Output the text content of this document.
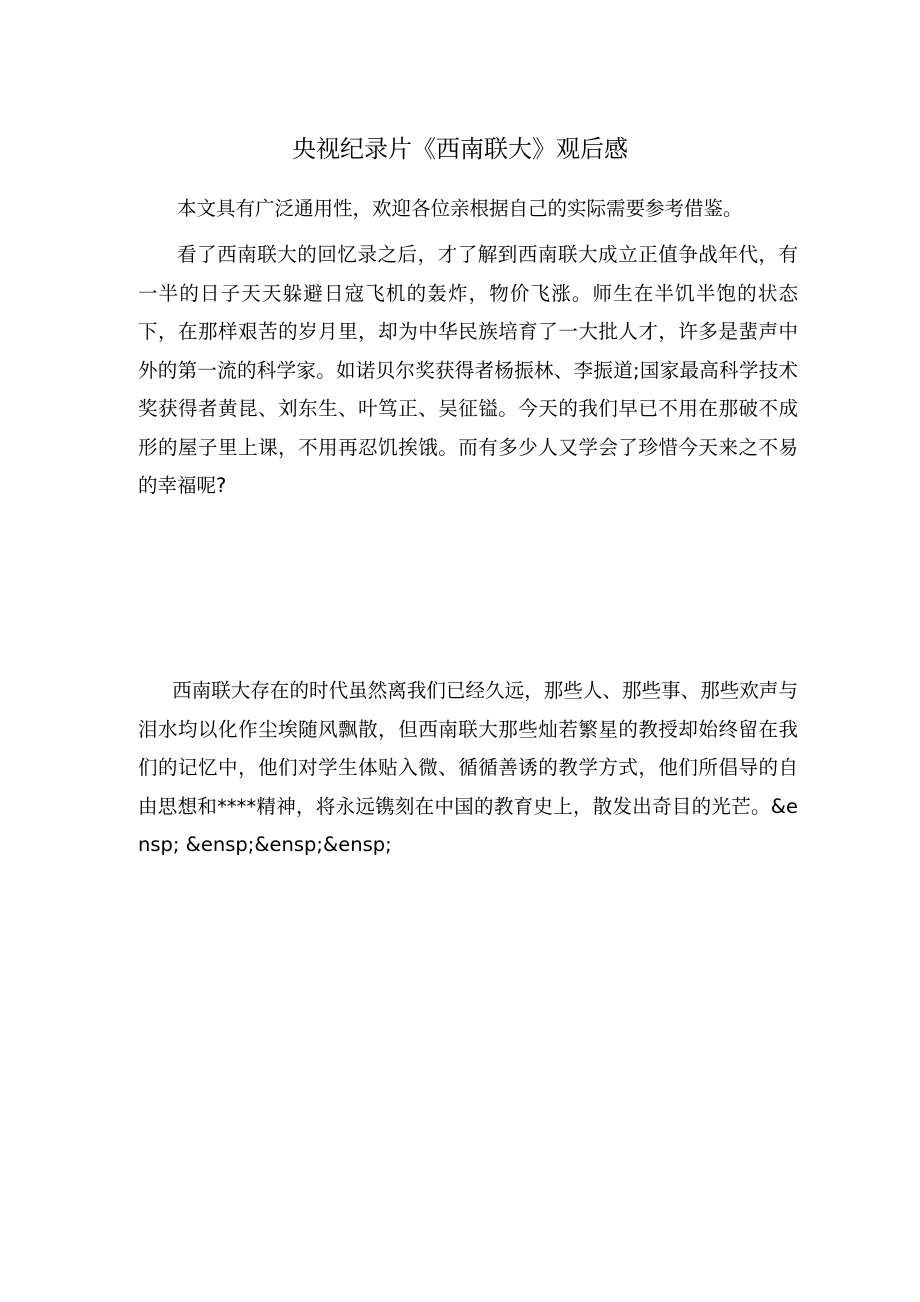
央视纪录片《西南联大》观后感

本文具有广泛通用性，欢迎各位亲根据自己的实际需要参考借鉴。

看了西南联大的回忆录之后，才了解到西南联大成立正值争战年代，有一半的日子天天躲避日寇飞机的轰炸，物价飞涨。师生在半饥半饱的状态下，在那样艰苦的岁月里，却为中华民族培育了一大批人才，许多是蜚声中外的第一流的科学家。如诺贝尔奖获得者杨振林、李振道;国家最高科学技术奖获得者黄昆、刘东生、叶笃正、吴征镒。今天的我们早已不用在那破不成形的屋子里上课，不用再忍饥挨饿。而有多少人又学会了珍惜今天来之不易的幸福呢?

西南联大存在的时代虽然离我们已经久远，那些人、那些事、那些欢声与泪水均以化作尘埃随风飘散，但西南联大那些灿若繁星的教授却始终留在我们的记忆中，他们对学生体贴入微、循循善诱的教学方式，他们所倡导的自由思想和****精神，将永远镌刻在中国的教育史上，散发出奇目的光芒。&ensp; &ensp;&ensp;&ensp;
